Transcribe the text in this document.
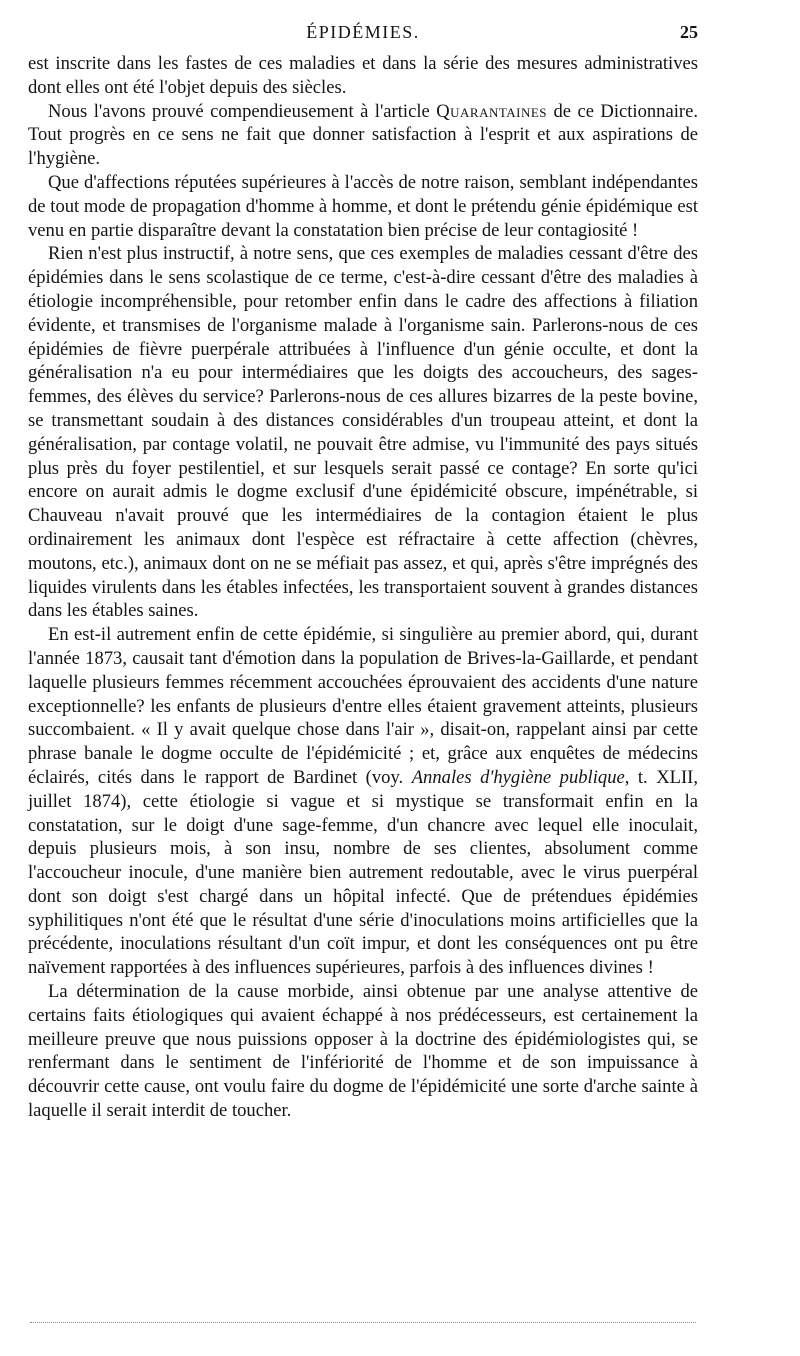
ÉPIDÉMIES.	25

est inscrite dans les fastes de ces maladies et dans la série des mesures administratives dont elles ont été l'objet depuis des siècles.

Nous l'avons prouvé compendieusement à l'article Quarantaines de ce Dictionnaire. Tout progrès en ce sens ne fait que donner satisfaction à l'esprit et aux aspirations de l'hygiène.

Que d'affections réputées supérieures à l'accès de notre raison, semblant indépendantes de tout mode de propagation d'homme à homme, et dont le prétendu génie épidémique est venu en partie disparaître devant la constatation bien précise de leur contagiosité !

Rien n'est plus instructif, à notre sens, que ces exemples de maladies cessant d'être des épidémies dans le sens scolastique de ce terme, c'est-à-dire cessant d'être des maladies à étiologie incompréhensible, pour retomber enfin dans le cadre des affections à filiation évidente, et transmises de l'organisme malade à l'organisme sain. Parlerons-nous de ces épidémies de fièvre puerpérale attribuées à l'influence d'un génie occulte, et dont la généralisation n'a eu pour intermédiaires que les doigts des accoucheurs, des sages-femmes, des élèves du service? Parlerons-nous de ces allures bizarres de la peste bovine, se transmettant soudain à des distances considérables d'un troupeau atteint, et dont la généralisation, par contage volatil, ne pouvait être admise, vu l'immunité des pays situés plus près du foyer pestilentiel, et sur lesquels serait passé ce contage? En sorte qu'ici encore on aurait admis le dogme exclusif d'une épidémicité obscure, impénétrable, si Chauveau n'avait prouvé que les intermédiaires de la contagion étaient le plus ordinairement les animaux dont l'espèce est réfractaire à cette affection (chèvres, moutons, etc.), animaux dont on ne se méfiait pas assez, et qui, après s'être imprégnés des liquides virulents dans les étables infectées, les transportaient souvent à grandes distances dans les étables saines.

En est-il autrement enfin de cette épidémie, si singulière au premier abord, qui, durant l'année 1873, causait tant d'émotion dans la population de Brives-la-Gaillarde, et pendant laquelle plusieurs femmes récemment accouchées éprouvaient des accidents d'une nature exceptionnelle? les enfants de plusieurs d'entre elles étaient gravement atteints, plusieurs succombaient. « Il y avait quelque chose dans l'air », disait-on, rappelant ainsi par cette phrase banale le dogme occulte de l'épidémicité ; et, grâce aux enquêtes de médecins éclairés, cités dans le rapport de Bardinet (voy. Annales d'hygiène publique, t. XLII, juillet 1874), cette étiologie si vague et si mystique se transformait enfin en la constatation, sur le doigt d'une sage-femme, d'un chancre avec lequel elle inoculait, depuis plusieurs mois, à son insu, nombre de ses clientes, absolument comme l'accoucheur inocule, d'une manière bien autrement redoutable, avec le virus puerpéral dont son doigt s'est chargé dans un hôpital infecté. Que de prétendues épidémies syphilitiques n'ont été que le résultat d'une série d'inoculations moins artificielles que la précédente, inoculations résultant d'un coït impur, et dont les conséquences ont pu être naïvement rapportées à des influences supérieures, parfois à des influences divines !

La détermination de la cause morbide, ainsi obtenue par une analyse attentive de certains faits étiologiques qui avaient échappé à nos prédécesseurs, est certainement la meilleure preuve que nous puissions opposer à la doctrine des épidémiologistes qui, se renfermant dans le sentiment de l'infériorité de l'homme et de son impuissance à découvrir cette cause, ont voulu faire du dogme de l'épidémicité une sorte d'arche sainte à laquelle il serait interdit de toucher.
